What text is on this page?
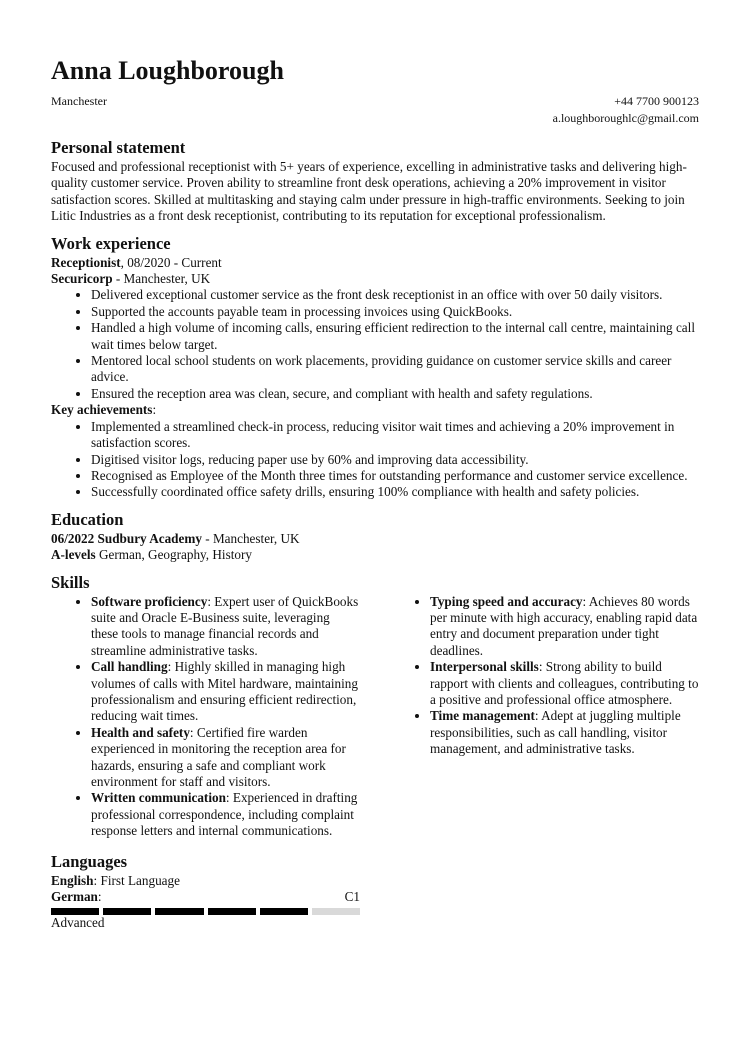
Anna Loughborough
Manchester	+44 7700 900123
a.loughboroughlc@gmail.com
Personal statement

Focused and professional receptionist with 5+ years of experience, excelling in administrative tasks and delivering high-quality customer service. Proven ability to streamline front desk operations, achieving a 20% improvement in visitor satisfaction scores. Skilled at multitasking and staying calm under pressure in high-traffic environments. Seeking to join Litic Industries as a front desk receptionist, contributing to its reputation for exceptional professionalism.

Work experience
Receptionist, 08/2020 - Current
Securicorp - Manchester, UK
• Delivered exceptional customer service as the front desk receptionist in an office with over 50 daily visitors.
• Supported the accounts payable team in processing invoices using QuickBooks.
• Handled a high volume of incoming calls, ensuring efficient redirection to the internal call centre, maintaining call wait times below target.
• Mentored local school students on work placements, providing guidance on customer service skills and career advice.
• Ensured the reception area was clean, secure, and compliant with health and safety regulations.
Key achievements:
• Implemented a streamlined check-in process, reducing visitor wait times and achieving a 20% improvement in satisfaction scores.
• Digitised visitor logs, reducing paper use by 60% and improving data accessibility.
• Recognised as Employee of the Month three times for outstanding performance and customer service excellence.
• Successfully coordinated office safety drills, ensuring 100% compliance with health and safety policies.
Education
06/2022 Sudbury Academy - Manchester, UK
A-levels German, Geography, History
Skills
• Software proficiency: Expert user of QuickBooks suite and Oracle E-Business suite, leveraging these tools to manage financial records and streamline administrative tasks.
• Call handling: Highly skilled in managing high volumes of calls with Mitel hardware, maintaining professionalism and ensuring efficient redirection, reducing wait times.
• Health and safety: Certified fire warden experienced in monitoring the reception area for hazards, ensuring a safe and compliant work environment for staff and visitors.
• Written communication: Experienced in drafting professional correspondence, including complaint response letters and internal communications.
• Typing speed and accuracy: Achieves 80 words per minute with high accuracy, enabling rapid data entry and document preparation under tight deadlines.
• Interpersonal skills: Strong ability to build rapport with clients and colleagues, contributing to a positive and professional office atmosphere.
• Time management: Adept at juggling multiple responsibilities, such as call handling, visitor management, and administrative tasks.
Languages
English: First Language
German:	C1
Advanced
